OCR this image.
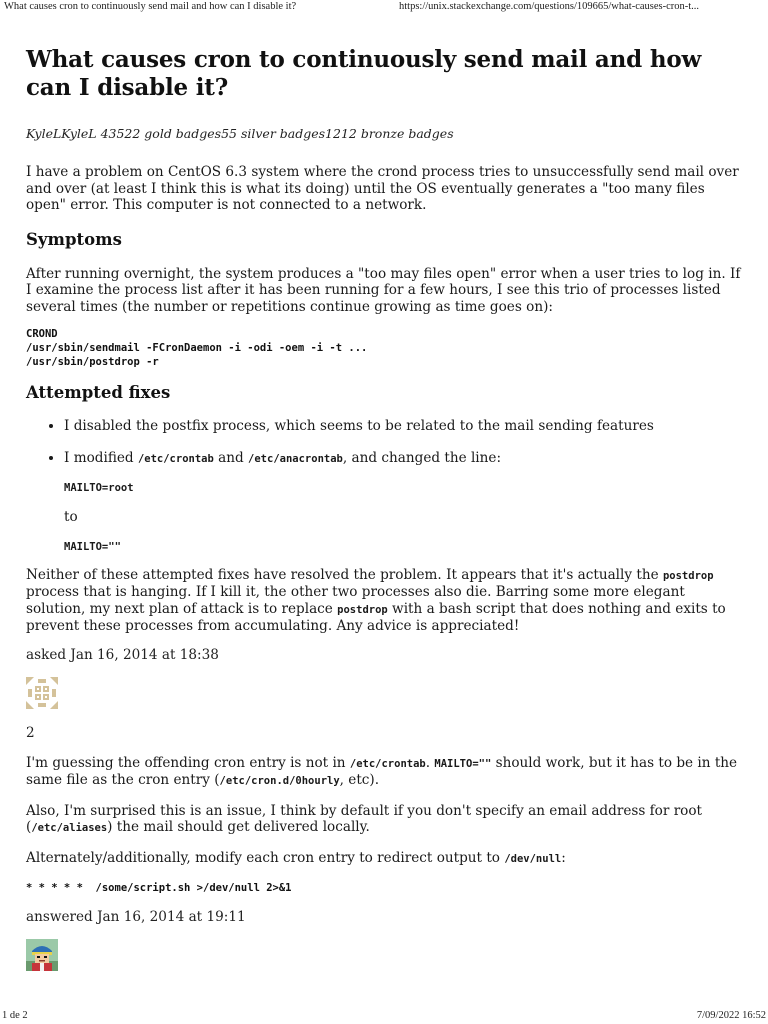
What causes cron to continuously send mail and how can I disable it?	https://unix.stackexchange.com/questions/109665/what-causes-cron-t...
What causes cron to continuously send mail and how can I disable it?
KyleLKyleL 43522 gold badges55 silver badges1212 bronze badges

I have a problem on CentOS 6.3 system where the crond process tries to unsuccessfully send mail over and over (at least I think this is what its doing) until the OS eventually generates a "too many files open" error. This computer is not connected to a network.

Symptoms

After running overnight, the system produces a "too may files open" error when a user tries to log in. If I examine the process list after it has been running for a few hours, I see this trio of processes listed several times (the number or repetitions continue growing as time goes on):

CROND
/usr/sbin/sendmail -FCronDaemon -i -odi -oem -i -t ...
/usr/sbin/postdrop -r
Attempted fixes
• I disabled the postfix process, which seems to be related to the mail sending features
• I modified /etc/crontab and /etc/anacrontab, and changed the line:
MAILTO=root
to
MAILTO=""

Neither of these attempted fixes have resolved the problem. It appears that it's actually the postdrop process that is hanging. If I kill it, the other two processes also die. Barring some more elegant solution, my next plan of attack is to replace postdrop with a bash script that does nothing and exits to prevent these processes from accumulating. Any advice is appreciated!

asked Jan 16, 2014 at 18:38
2

I'm guessing the offending cron entry is not in /etc/crontab. MAILTO="" should work, but it has to be in the same file as the cron entry (/etc/cron.d/0hourly, etc).

Also, I'm surprised this is an issue, I think by default if you don't specify an email address for root (/etc/aliases) the mail should get delivered locally.

Alternately/additionally, modify each cron entry to redirect output to /dev/null:

* * * * *  /some/script.sh >/dev/null 2>&1
answered Jan 16, 2014 at 19:11
1 de 2	7/09/2022 16:52
